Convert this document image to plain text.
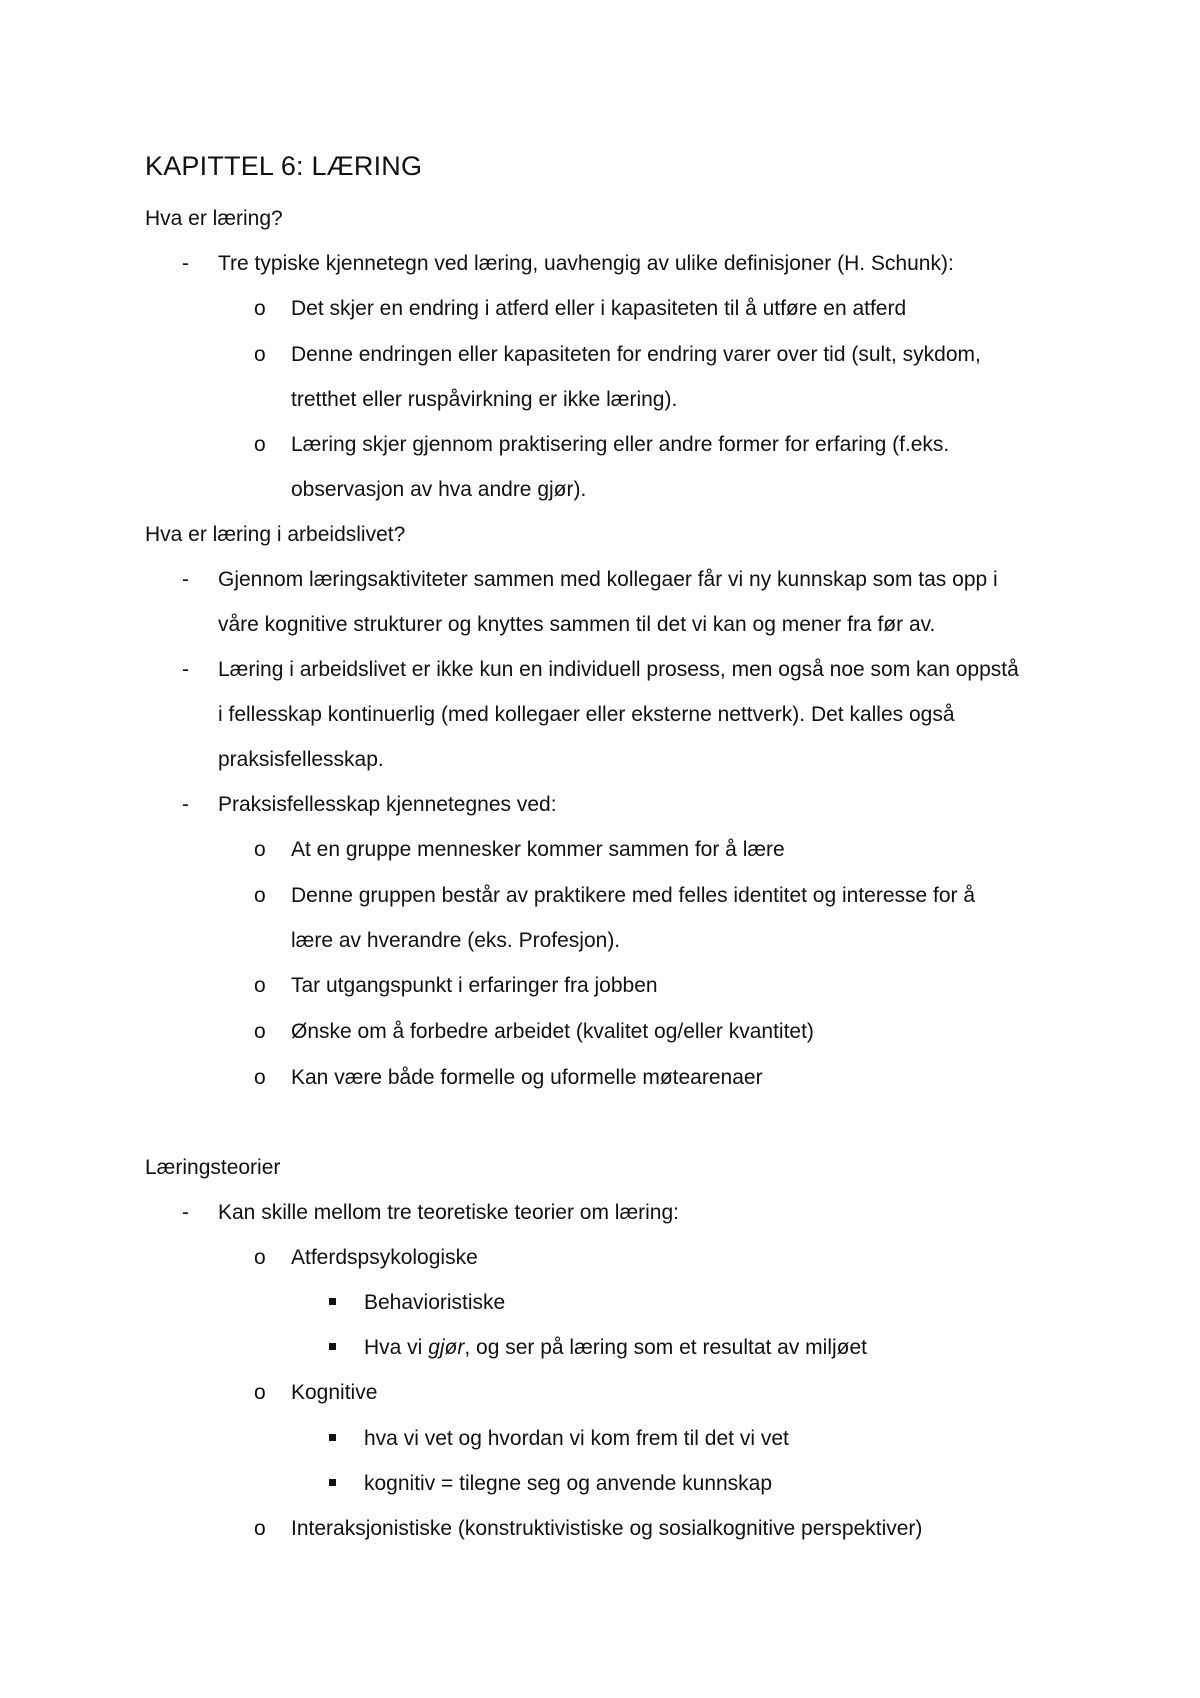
KAPITTEL 6: LÆRING
Hva er læring?
- Tre typiske kjennetegn ved læring, uavhengig av ulike definisjoner (H. Schunk):
o Det skjer en endring i atferd eller i kapasiteten til å utføre en atferd
o Denne endringen eller kapasiteten for endring varer over tid (sult, sykdom,
tretthet eller ruspåvirkning er ikke læring).
o Læring skjer gjennom praktisering eller andre former for erfaring (f.eks.
observasjon av hva andre gjør).
Hva er læring i arbeidslivet?
- Gjennom læringsaktiviteter sammen med kollegaer får vi ny kunnskap som tas opp i
våre kognitive strukturer og knyttes sammen til det vi kan og mener fra før av.
- Læring i arbeidslivet er ikke kun en individuell prosess, men også noe som kan oppstå
i fellesskap kontinuerlig (med kollegaer eller eksterne nettverk). Det kalles også
praksisfellesskap.
- Praksisfellesskap kjennetegnes ved:
o At en gruppe mennesker kommer sammen for å lære
o Denne gruppen består av praktikere med felles identitet og interesse for å
lære av hverandre (eks. Profesjon).
o Tar utgangspunkt i erfaringer fra jobben
o Ønske om å forbedre arbeidet (kvalitet og/eller kvantitet)
o Kan være både formelle og uformelle møtearenaer
Læringsteorier
- Kan skille mellom tre teoretiske teorier om læring:
o Atferdspsykologiske
Behavioristiske
Hva vi gjør, og ser på læring som et resultat av miljøet
o Kognitive
hva vi vet og hvordan vi kom frem til det vi vet
kognitiv = tilegne seg og anvende kunnskap
o Interaksjonistiske (konstruktivistiske og sosialkognitive perspektiver)
